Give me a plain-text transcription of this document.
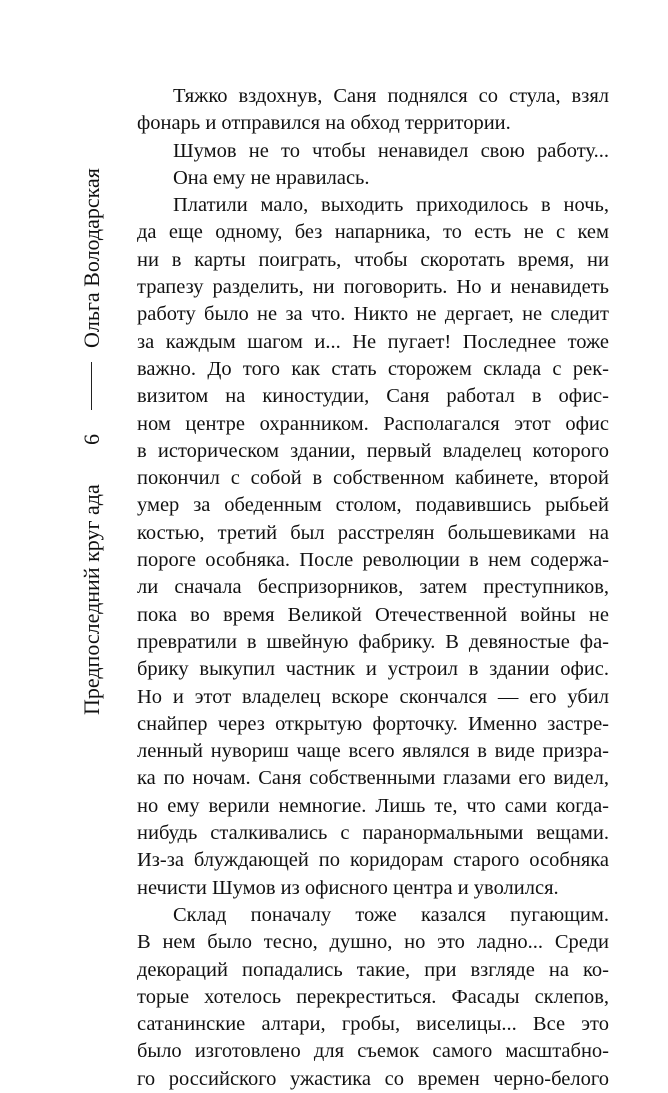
Ольга Володарская
6
Предпоследний круг ада
Тяжко вздохнув, Саня поднялся со стула, взял
фонарь и отправился на обход территории.
Шумов не то чтобы ненавидел свою работу...
Она ему не нравилась.
Платили мало, выходить приходилось в ночь,
да еще одному, без напарника, то есть не с кем
ни в карты поиграть, чтобы скоротать время, ни
трапезу разделить, ни поговорить. Но и ненавидеть
работу было не за что. Никто не дергает, не следит
за каждым шагом и... Не пугает! Последнее тоже
важно. До того как стать сторожем склада с рек-
визитом на киностудии, Саня работал в офис-
ном центре охранником. Располагался этот офис
в историческом здании, первый владелец которого
покончил с собой в собственном кабинете, второй
умер за обеденным столом, подавившись рыбьей
костью, третий был расстрелян большевиками на
пороге особняка. После революции в нем содержа-
ли сначала беспризорников, затем преступников,
пока во время Великой Отечественной войны не
превратили в швейную фабрику. В девяностые фа-
брику выкупил частник и устроил в здании офис.
Но и этот владелец вскоре скончался — его убил
снайпер через открытую форточку. Именно застре-
ленный нувориш чаще всего являлся в виде призра-
ка по ночам. Саня собственными глазами его видел,
но ему верили немногие. Лишь те, что сами когда-
нибудь сталкивались с паранормальными вещами.
Из-за блуждающей по коридорам старого особняка
нечисти Шумов из офисного центра и уволился.
Склад поначалу тоже казался пугающим.
В нем было тесно, душно, но это ладно... Среди
декораций попадались такие, при взгляде на ко-
торые хотелось перекреститься. Фасады склепов,
сатанинские алтари, гробы, виселицы... Все это
было изготовлено для съемок самого масштабно-
го российского ужастика со времен черно-белого
